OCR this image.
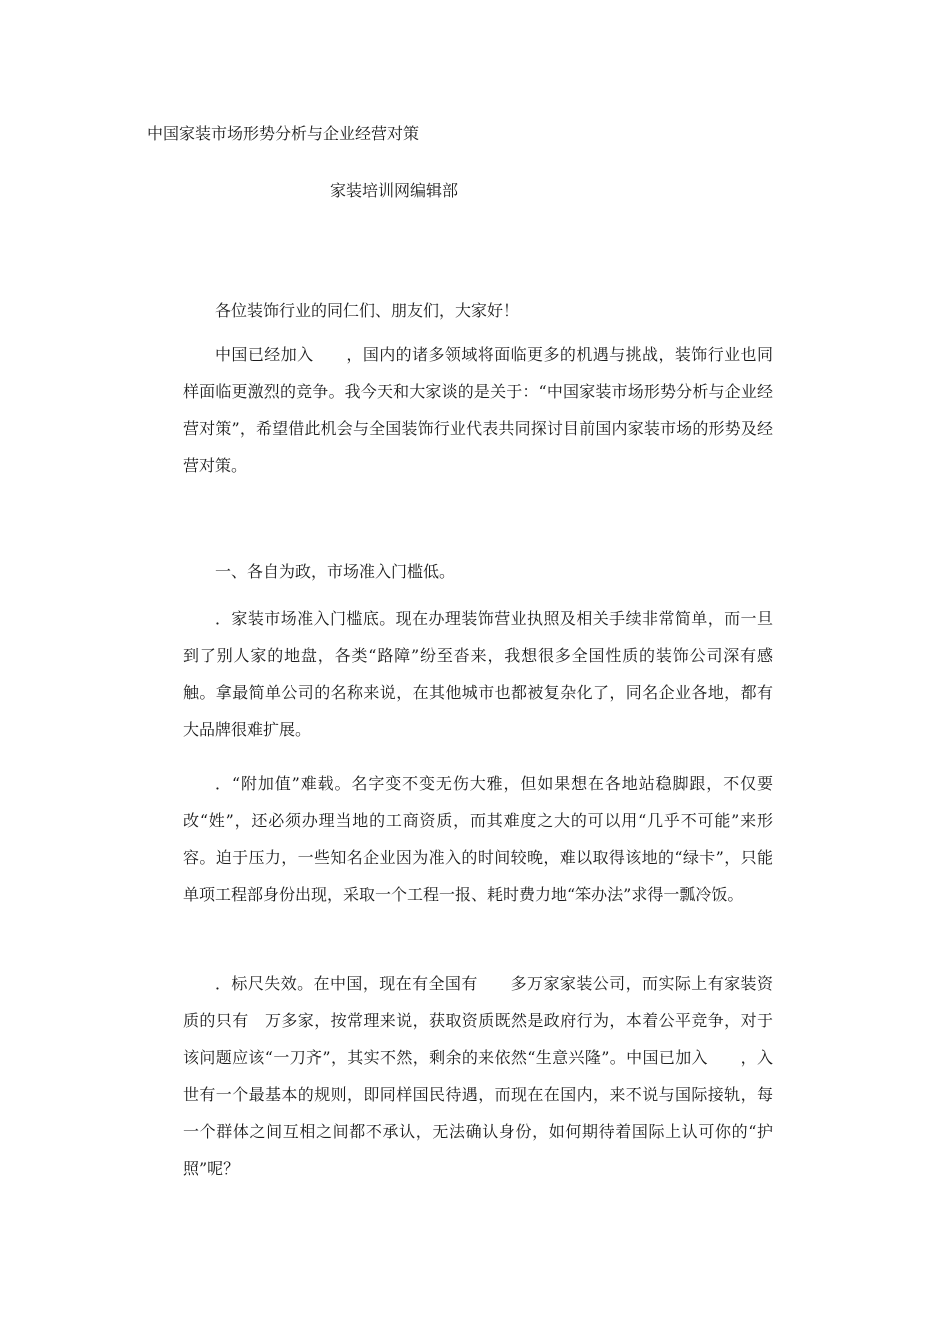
中国家装市场形势分析与企业经营对策
家装培训网编辑部

各位装饰行业的同仁们、朋友们，大家好！

中国已经加入　　，国内的诸多领域将面临更多的机遇与挑战，装饰行业也同样面临更激烈的竞争。我今天和大家谈的是关于：“中国家装市场形势分析与企业经营对策”，希望借此机会与全国装饰行业代表共同探讨目前国内家装市场的形势及经营对策。

一、各自为政，市场准入门槛低。

．家装市场准入门槛底。现在办理装饰营业执照及相关手续非常简单，而一旦到了别人家的地盘，各类“路障”纷至沓来，我想很多全国性质的装饰公司深有感触。拿最简单公司的名称来说，在其他城市也都被复杂化了，同名企业各地，都有大品牌很难扩展。

．“附加值”难载。名字变不变无伤大雅，但如果想在各地站稳脚跟，不仅要改“姓”，还必须办理当地的工商资质，而其难度之大的可以用“几乎不可能”来形容。迫于压力，一些知名企业因为准入的时间较晚，难以取得该地的“绿卡”，只能单项工程部身份出现，采取一个工程一报、耗时费力地“笨办法”求得一瓢冷饭。

．标尺失效。在中国，现在有全国有　　多万家家装公司，而实际上有家装资质的只有　万多家，按常理来说，获取资质既然是政府行为，本着公平竞争，对于该问题应该“一刀齐”，其实不然，剩余的来依然“生意兴隆”。中国已加入　　，入世有一个最基本的规则，即同样国民待遇，而现在在国内，来不说与国际接轨，每一个群体之间互相之间都不承认，无法确认身份，如何期待着国际上认可你的“护照”呢？
